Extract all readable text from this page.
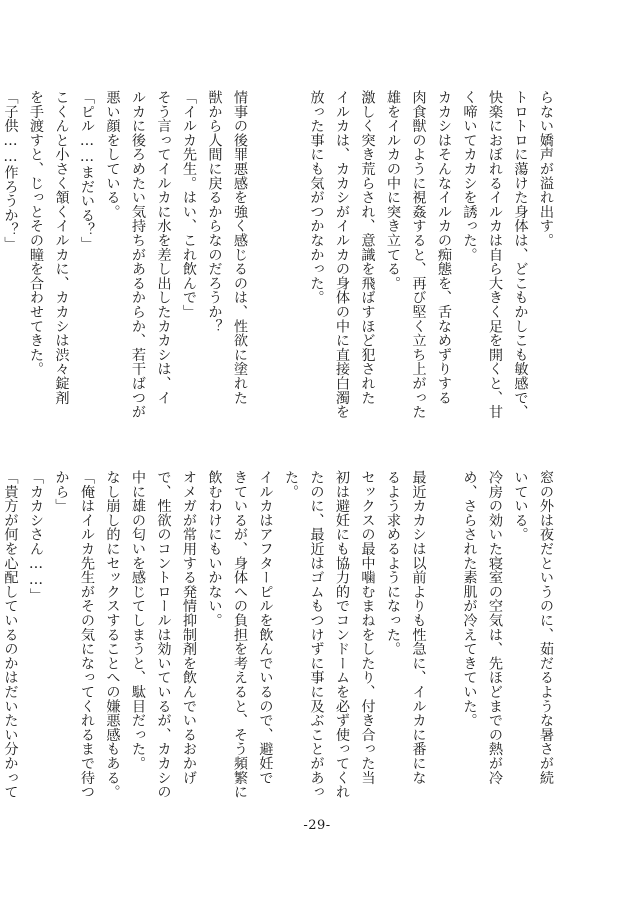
らない嬌声が溢れ出す。
トロトロに蕩けた身体は、どこもかしこも敏感で、
快楽におぼれるイルカは自ら大きく足を開くと、甘
く啼いてカカシを誘った。
カカシはそんなイルカの痴態を、舌なめずりする
肉食獣のように視姦すると、再び堅く立ち上がった
雄をイルカの中に突き立てる。
激しく突き荒らされ、意識を飛ばすほど犯された
イルカは、カカシがイルカの身体の中に直接白濁を
放った事にも気がつかなかった。

情事の後罪悪感を強く感じるのは、性欲に塗れた
獣から人間に戻るからなのだろうか？
「イルカ先生。はい、これ飲んで」
そう言ってイルカに水を差し出したカカシは、イ
ルカに後ろめたい気持ちがあるからか、若干ばつが
悪い顔をしている。
「ピル……まだいる？」
こくんと小さく頷くイルカに、カカシは渋々錠剤
を手渡すと、じっとその瞳を合わせてきた。
「子供……作ろうか？」
窓の外は夜だというのに、茹だるような暑さが続
いている。
冷房の効いた寝室の空気は、先ほどまでの熱が冷
め、さらされた素肌が冷えてきていた。

最近カカシは以前よりも性急に、イルカに番にな
るよう求めるようになった。
セックスの最中噛むまねをしたり、付き合った当
初は避妊にも協力的でコンドームを必ず使ってくれ
たのに、最近はゴムもつけずに事に及ぶことがあっ
た。
イルカはアフターピルを飲んでいるので、避妊で
きているが、身体への負担を考えると、そう頻繁に
飲むわけにもいかない。
オメガが常用する発情抑制剤を飲んでいるおかげ
で、性欲のコントロールは効いているが、カカシの
中に雄の匂いを感じてしまうと、駄目だった。
なし崩し的にセックスすることへの嫌悪感もある。
「俺はイルカ先生がその気になってくれるまで待つ
から」
「カカシさん……」
「貴方が何を心配しているのかはだいたい分かって
-29-
